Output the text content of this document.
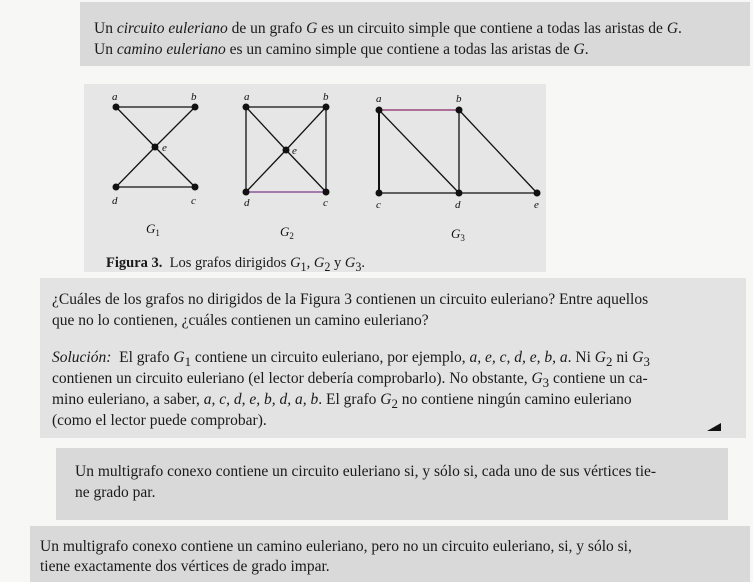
Un circuito euleriano de un grafo G es un circuito simple que contiene a todas las aristas de G.
Un camino euleriano es un camino simple que contiene a todas las aristas de G.
a	b
e
d	c
a	b
e
d	c
a	b
c	d	e
$G_1$	$G_2$	$G_3$
Figura 3.  Los grafos dirigidos $G_1$, $G_2$ y $G_3$.
¿Cuáles de los grafos no dirigidos de la Figura 3 contienen un circuito euleriano? Entre aquellos
que no lo contienen, ¿cuáles contienen un camino euleriano?
Solución:  El grafo $G_1$ contiene un circuito euleriano, por ejemplo, a, e, c, d, e, b, a. Ni $G_2$ ni $G_3$
contienen un circuito euleriano (el lector debería comprobarlo). No obstante, $G_3$ contiene un ca-
mino euleriano, a saber, a, c, d, e, b, d, a, b. El grafo $G_2$ no contiene ningún camino euleriano
(como el lector puede comprobar).
Un multigrafo conexo contiene un circuito euleriano si, y sólo si, cada uno de sus vértices tie-
ne grado par.
Un multigrafo conexo contiene un camino euleriano, pero no un circuito euleriano, si, y sólo si,
tiene exactamente dos vértices de grado impar.
